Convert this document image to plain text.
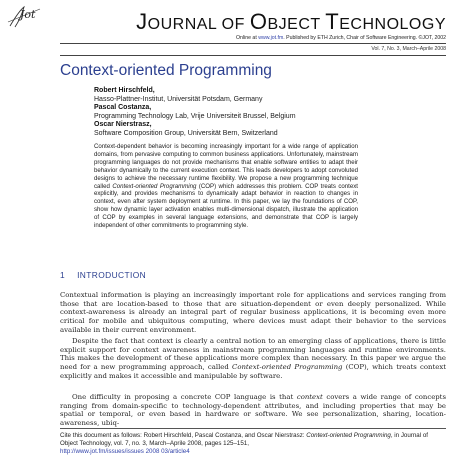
Jot	JOURNAL OF OBJECT TECHNOLOGY
Online at www.jot.fm. Published by ETH Zurich, Chair of Software Engineering. ©JOT, 2002
Vol. 7, No. 3, March–Aprile 2008
Context-oriented Programming
Robert Hirschfeld,
Hasso-Plattner-Institut, Universität Potsdam, Germany
Pascal Costanza,
Programming Technology Lab, Vrije Universiteit Brussel, Belgium
Oscar Nierstrasz,
Software Composition Group, Universität Bern, Switzerland
Context-dependent behavior is becoming increasingly important for a wide range of application domains, from pervasive computing to common business applications. Unfortunately, mainstream programming languages do not provide mechanisms that enable software entities to adapt their behavior dynamically to the current execution context. This leads developers to adopt convoluted designs to achieve the necessary runtime flexibility. We propose a new programming technique called Context-oriented Programming (COP) which addresses this problem. COP treats context explicitly, and provides mechanisms to dynamically adapt behavior in reaction to changes in context, even after system deployment at runtime. In this paper, we lay the foundations of COP, show how dynamic layer activation enables multi-dimensional dispatch, illustrate the application of COP by examples in several language extensions, and demonstrate that COP is largely independent of other commitments to programming style.
1 INTRODUCTION
Contextual information is playing an increasingly important role for applications and services ranging from those that are location-based to those that are situation-dependent or even deeply personalized. While context-awareness is already an integral part of regular business applications, it is becoming even more critical for mobile and ubiquitous computing, where devices must adapt their behavior to the services available in their current environment.
Despite the fact that context is clearly a central notion to an emerging class of applications, there is little explicit support for context awareness in mainstream programming languages and runtime environments. This makes the development of these applications more complex than necessary. In this paper we argue the need for a new programming approach, called Context-oriented Programming (COP), which treats context explicitly and makes it accessible and manipulable by software.
One difficulty in proposing a concrete COP language is that context covers a wide range of concepts ranging from domain-specific to technology-dependent attributes, and including properties that may be spatial or temporal, or even based in hardware or software. We see personalization, sharing, location-awareness, ubiq-
Cite this document as follows: Robert Hirschfeld, Pascal Costanza, and Oscar Nierstrasz: Context-oriented Programming, in Journal of Object Technology, vol. 7, no. 3, March–Aprile 2008, pages 125–151,
http://www.jot.fm/issues/issues 2008 03/article4
